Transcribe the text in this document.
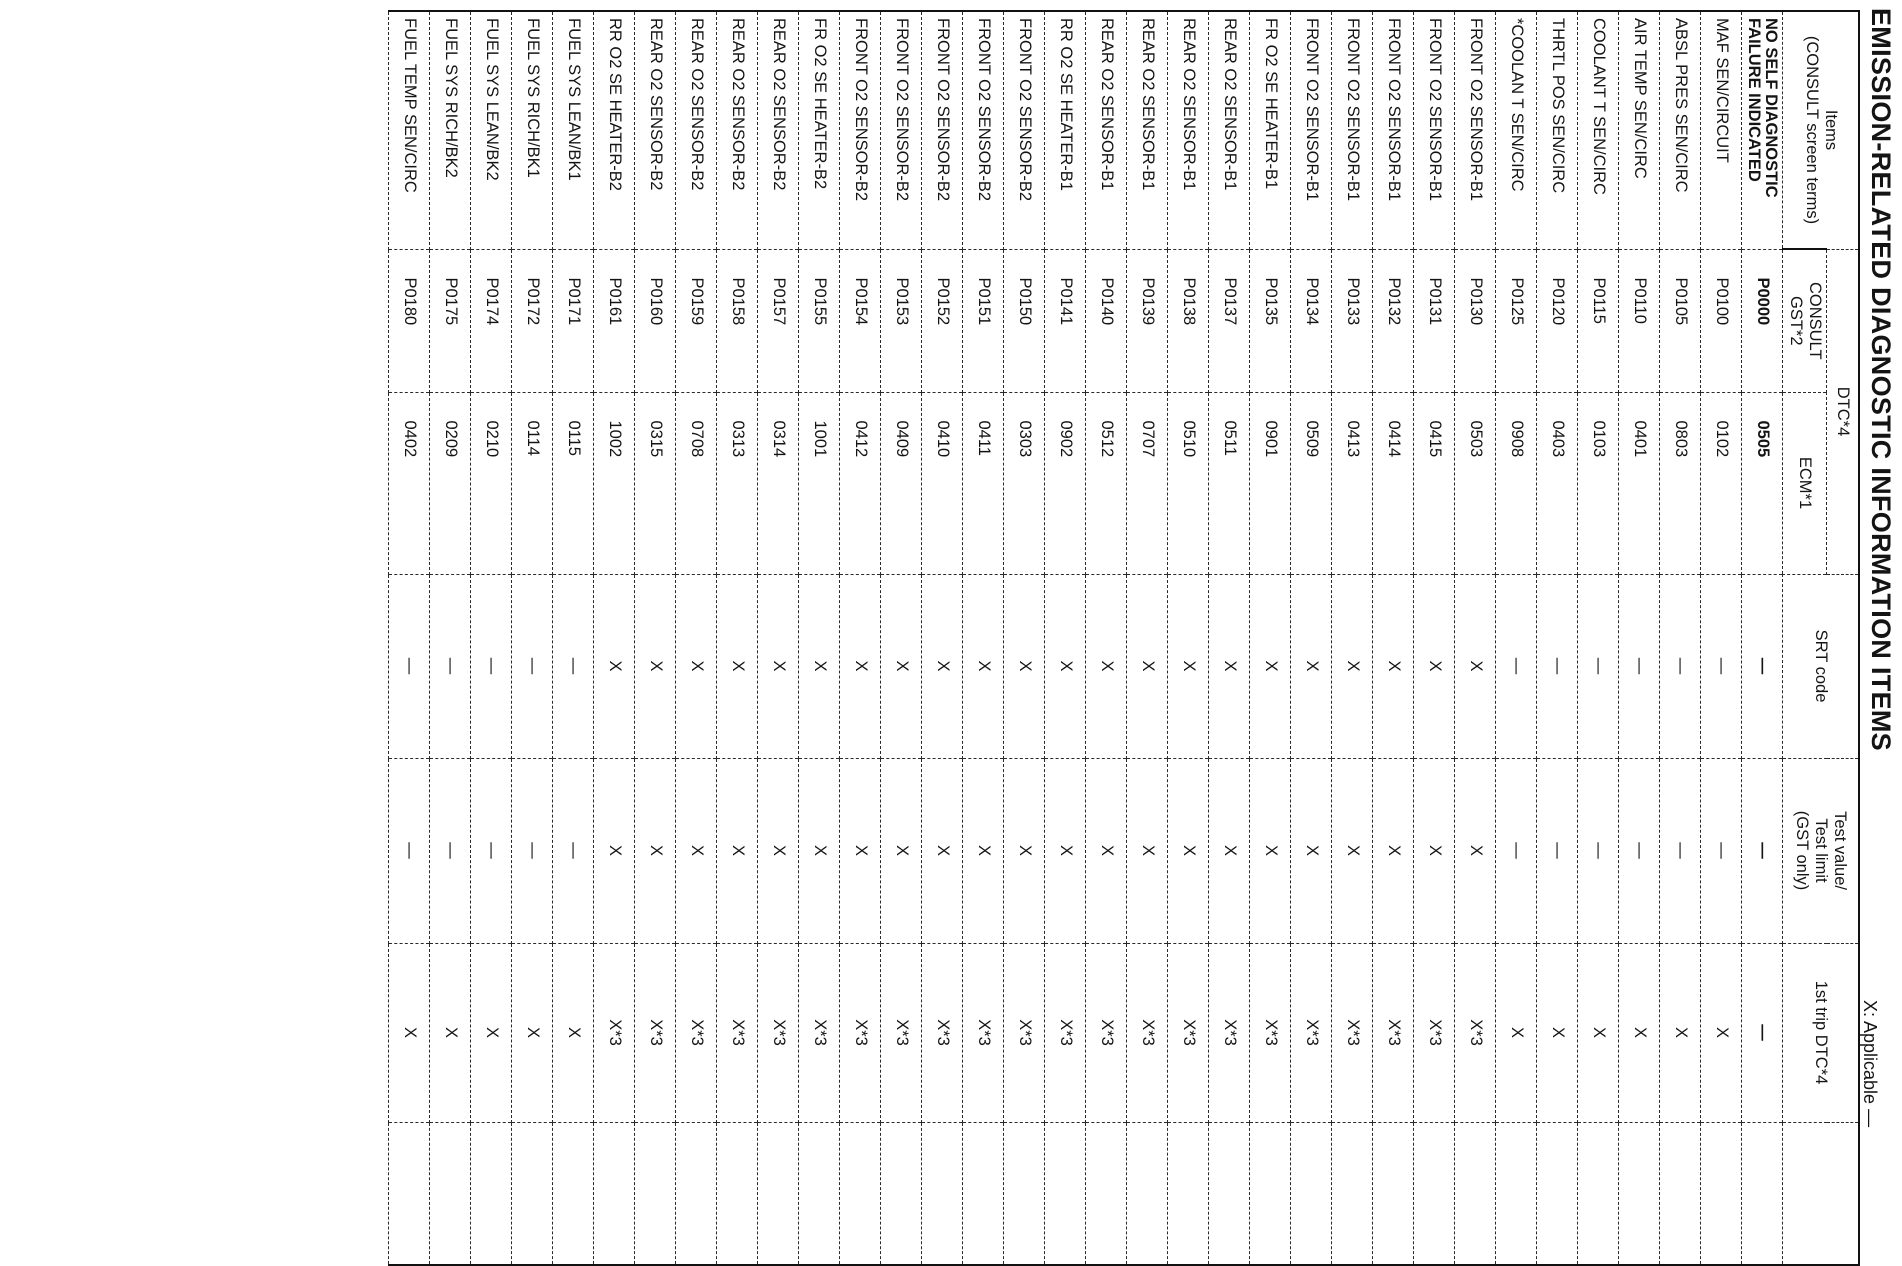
EMISSION-RELATED DIAGNOSTIC INFORMATION ITEMS
X: Applicable —
Items
(CONSULT screen terms)	DTC*4		SRT code	Test value/
Test limit
(GST only)	1st trip DTC*4	
	CONSULT
GST*2	ECM*1				
NO SELF DIAGNOSTIC
FAILURE INDICATED	P0000	0505	—	—	—	
MAF SEN/CIRCUIT	P0100	0102	—	—	X	
ABSL PRES SEN/CIRC	P0105	0803	—	—	X	
AIR TEMP SEN/CIRC	P0110	0401	—	—	X	
COOLANT T SEN/CIRC	P0115	0103	—	—	X	
THRTL POS SEN/CIRC	P0120	0403	—	—	X	
*COOLAN T SEN/CIRC	P0125	0908	—	—	X	
FRONT O2 SENSOR-B1	P0130	0503	X	X	X*3	
FRONT O2 SENSOR-B1	P0131	0415	X	X	X*3	
FRONT O2 SENSOR-B1	P0132	0414	X	X	X*3	
FRONT O2 SENSOR-B1	P0133	0413	X	X	X*3	
FRONT O2 SENSOR-B1	P0134	0509	X	X	X*3	
FR O2 SE HEATER-B1	P0135	0901	X	X	X*3	
REAR O2 SENSOR-B1	P0137	0511	X	X	X*3	
REAR O2 SENSOR-B1	P0138	0510	X	X	X*3	
REAR O2 SENSOR-B1	P0139	0707	X	X	X*3	
REAR O2 SENSOR-B1	P0140	0512	X	X	X*3	
RR O2 SE HEATER-B1	P0141	0902	X	X	X*3	
FRONT O2 SENSOR-B2	P0150	0303	X	X	X*3	
FRONT O2 SENSOR-B2	P0151	0411	X	X	X*3	
FRONT O2 SENSOR-B2	P0152	0410	X	X	X*3	
FRONT O2 SENSOR-B2	P0153	0409	X	X	X*3	
FRONT O2 SENSOR-B2	P0154	0412	X	X	X*3	
FR O2 SE HEATER-B2	P0155	1001	X	X	X*3	
REAR O2 SENSOR-B2	P0157	0314	X	X	X*3	
REAR O2 SENSOR-B2	P0158	0313	X	X	X*3	
REAR O2 SENSOR-B2	P0159	0708	X	X	X*3	
REAR O2 SENSOR-B2	P0160	0315	X	X	X*3	
RR O2 SE HEATER-B2	P0161	1002	X	X	X*3	
FUEL SYS LEAN/BK1	P0171	0115	—	—	X	
FUEL SYS RICH/BK1	P0172	0114	—	—	X	
FUEL SYS LEAN/BK2	P0174	0210	—	—	X	
FUEL SYS RICH/BK2	P0175	0209	—	—	X	
FUEL TEMP SEN/CIRC	P0180	0402	—	—	X	
